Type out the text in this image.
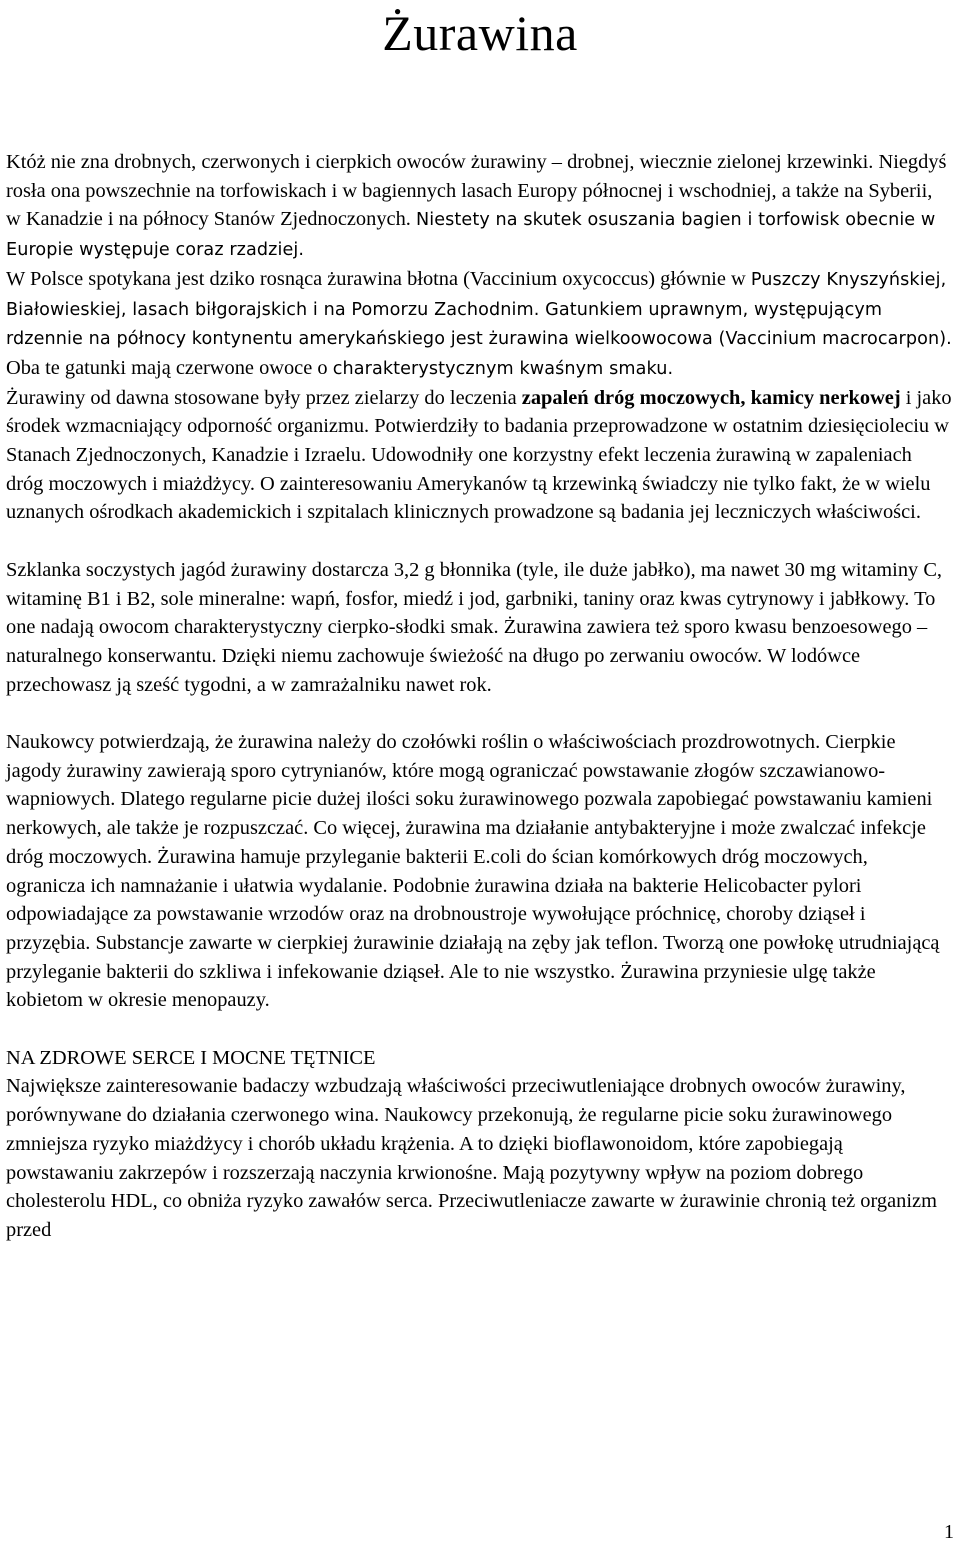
Żurawina
Któż nie zna drobnych, czerwonych i cierpkich owoców żurawiny – drobnej, wiecznie zielonej krzewinki. Niegdyś rosła ona powszechnie na torfowiskach i w bagiennych lasach Europy północnej i wschodniej, a także na Syberii, w Kanadzie i na północy Stanów Zjednoczonych. Niestety na skutek osuszania bagien i torfowisk obecnie w Europie występuje coraz rzadziej.
W Polsce spotykana jest dziko rosnąca żurawina błotna (Vaccinium oxycoccus) głównie w Puszczy Knyszyńskiej, Białowieskiej, lasach biłgorajskich i na Pomorzu Zachodnim. Gatunkiem uprawnym, występującym rdzennie na północy kontynentu amerykańskiego jest żurawina wielkoowocowa (Vaccinium macrocarpon). Oba te gatunki mają czerwone owoce o charakterystycznym kwaśnym smaku.
Żurawiny od dawna stosowane były przez zielarzy do leczenia zapaleń dróg moczowych, kamicy nerkowej i jako środek wzmacniający odporność organizmu. Potwierdziły to badania przeprowadzone w ostatnim dziesięcioleciu w Stanach Zjednoczonych, Kanadzie i Izraelu. Udowodniły one korzystny efekt leczenia żurawiną w zapaleniach dróg moczowych i miażdżycy. O zainteresowaniu Amerykanów tą krzewinką świadczy nie tylko fakt, że w wielu uznanych ośrodkach akademickich i szpitalach klinicznych prowadzone są badania jej leczniczych właściwości.

Szklanka soczystych jagód żurawiny dostarcza 3,2 g błonnika (tyle, ile duże jabłko), ma nawet 30 mg witaminy C, witaminę B1 i B2, sole mineralne: wapń, fosfor, miedź i jod, garbniki, taniny oraz kwas cytrynowy i jabłkowy. To one nadają owocom charakterystyczny cierpko-słodki smak. Żurawina zawiera też sporo kwasu benzoesowego – naturalnego konserwantu. Dzięki niemu zachowuje świeżość na długo po zerwaniu owoców. W lodówce przechowasz ją sześć tygodni, a w zamrażalniku nawet rok.

Naukowcy potwierdzają, że żurawina należy do czołówki roślin o właściwościach prozdrowotnych. Cierpkie jagody żurawiny zawierają sporo cytrynianów, które mogą ograniczać powstawanie złogów szczawianowo-wapniowych. Dlatego regularne picie dużej ilości soku żurawinowego pozwala zapobiegać powstawaniu kamieni nerkowych, ale także je rozpuszczać. Co więcej, żurawina ma działanie antybakteryjne i może zwalczać infekcje dróg moczowych. Żurawina hamuje przyleganie bakterii E.coli do ścian komórkowych dróg moczowych, ogranicza ich namnażanie i ułatwia wydalanie. Podobnie żurawina działa na bakterie Helicobacter pylori odpowiadające za powstawanie wrzodów oraz na drobnoustroje wywołujące próchnicę, choroby dziąseł i przyzębia. Substancje zawarte w cierpkiej żurawinie działają na zęby jak teflon. Tworzą one powłokę utrudniającą przyleganie bakterii do szkliwa i infekowanie dziąseł. Ale to nie wszystko. Żurawina przyniesie ulgę także kobietom w okresie menopauzy.

NA ZDROWE SERCE I MOCNE TĘTNICE

Największe zainteresowanie badaczy wzbudzają właściwości przeciwutleniające drobnych owoców żurawiny, porównywane do działania czerwonego wina. Naukowcy przekonują, że regularne picie soku żurawinowego zmniejsza ryzyko miażdżycy i chorób układu krążenia. A to dzięki bioflawonoidom, które zapobiegają powstawaniu zakrzepów i rozszerzają naczynia krwionośne. Mają pozytywny wpływ na poziom dobrego cholesterolu HDL, co obniża ryzyko zawałów serca. Przeciwutleniacze zawarte w żurawinie chronią też organizm przed

1
